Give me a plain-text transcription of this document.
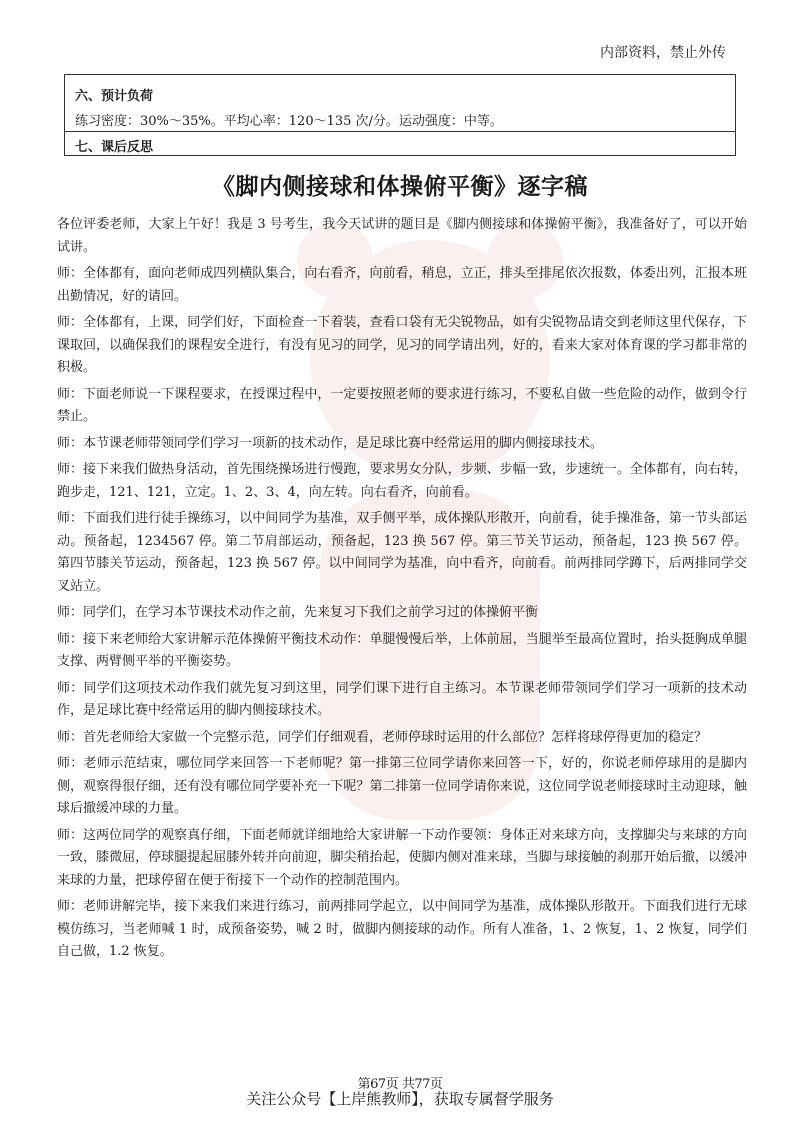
内部资料，禁止外传
六、预计负荷
练习密度：30%～35%。平均心率：120～135 次/分。运动强度：中等。
七、课后反思
《脚内侧接球和体操俯平衡》逐字稿

各位评委老师，大家上午好！我是 3 号考生，我今天试讲的题目是《脚内侧接球和体操俯平衡》，我准备好了，可以开始试讲。

师：全体都有，面向老师成四列横队集合，向右看齐，向前看，稍息，立正，排头至排尾依次报数，体委出列，汇报本班出勤情况，好的请回。

师：全体都有，上课，同学们好，下面检查一下着装，查看口袋有无尖锐物品，如有尖锐物品请交到老师这里代保存，下课取回，以确保我们的课程安全进行，有没有见习的同学，见习的同学请出列，好的，看来大家对体育课的学习都非常的积极。

师：下面老师说一下课程要求，在授课过程中，一定要按照老师的要求进行练习，不要私自做一些危险的动作，做到令行禁止。

师：本节课老师带领同学们学习一项新的技术动作，是足球比赛中经常运用的脚内侧接球技术。

师：接下来我们做热身活动，首先围绕操场进行慢跑，要求男女分队，步频、步幅一致，步速统一。全体都有，向右转，跑步走，121、121，立定。1、2、3、4，向左转。向右看齐，向前看。

师：下面我们进行徒手操练习，以中间同学为基准，双手侧平举，成体操队形散开，向前看，徒手操准备，第一节头部运动。预备起，1234567 停。第二节肩部运动，预备起，123 换 567 停。第三节关节运动，预备起，123 换 567 停。第四节膝关节运动，预备起，123 换 567 停。以中间同学为基准，向中看齐，向前看。前两排同学蹲下，后两排同学交叉站立。

师：同学们，在学习本节课技术动作之前，先来复习下我们之前学习过的体操俯平衡

师：接下来老师给大家讲解示范体操俯平衡技术动作：单腿慢慢后举，上体前屈，当腿举至最高位置时，抬头挺胸成单腿支撑、两臂侧平举的平衡姿势。

师：同学们这项技术动作我们就先复习到这里，同学们课下进行自主练习。本节课老师带领同学们学习一项新的技术动作，是足球比赛中经常运用的脚内侧接球技术。

师：首先老师给大家做一个完整示范，同学们仔细观看，老师停球时运用的什么部位？怎样将球停得更加的稳定？

师：老师示范结束，哪位同学来回答一下老师呢？第一排第三位同学请你来回答一下，好的，你说老师停球用的是脚内侧，观察得很仔细，还有没有哪位同学要补充一下呢？第二排第一位同学请你来说，这位同学说老师接球时主动迎球，触球后撤缓冲球的力量。

师：这两位同学的观察真仔细，下面老师就详细地给大家讲解一下动作要领：身体正对来球方向，支撑脚尖与来球的方向一致，膝微屈，停球腿提起屈膝外转并向前迎，脚尖稍抬起，使脚内侧对准来球，当脚与球接触的刹那开始后撤，以缓冲来球的力量，把球停留在便于衔接下一个动作的控制范围内。

师：老师讲解完毕，接下来我们来进行练习，前两排同学起立，以中间同学为基准，成体操队形散开。下面我们进行无球模仿练习，当老师喊 1 时，成预备姿势，喊 2 时，做脚内侧接球的动作。所有人准备，1、2 恢复，1、2 恢复，同学们自己做，1.2 恢复。

第67页 共77页
关注公众号【上岸熊教师】，获取专属督学服务
